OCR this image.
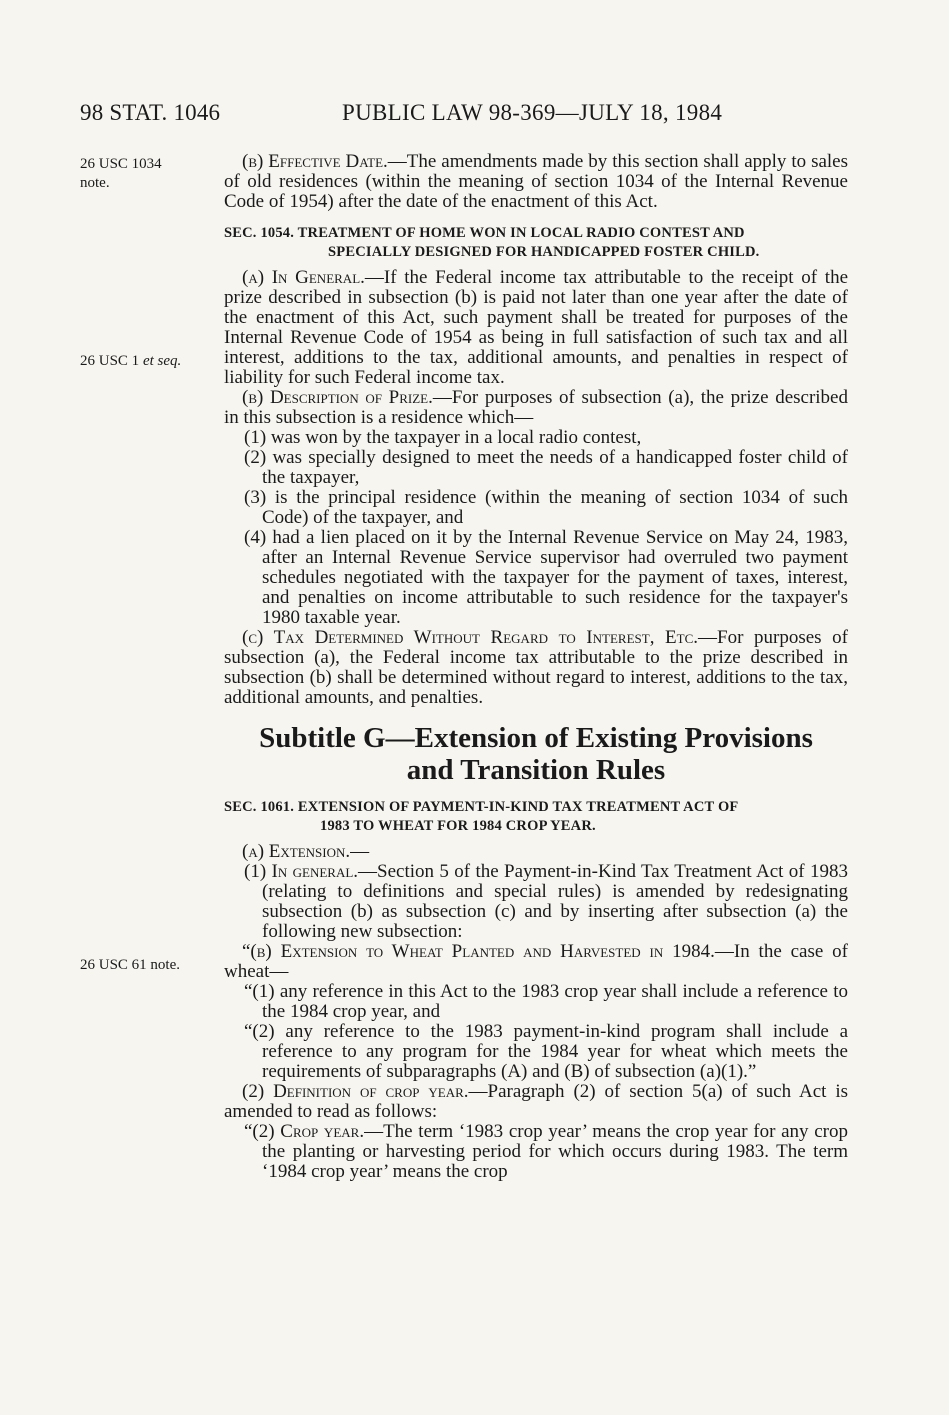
98 STAT. 1046	PUBLIC LAW 98-369—JULY 18, 1984
26 USC 1034
note.
26 USC 1 et seq.
26 USC 61 note.

(b) Effective Date.—The amendments made by this section shall apply to sales of old residences (within the meaning of section 1034 of the Internal Revenue Code of 1954) after the date of the enactment of this Act.

SEC. 1054. TREATMENT OF HOME WON IN LOCAL RADIO CONTEST AND
SPECIALLY DESIGNED FOR HANDICAPPED FOSTER CHILD.

(a) In General.—If the Federal income tax attributable to the receipt of the prize described in subsection (b) is paid not later than one year after the date of the enactment of this Act, such payment shall be treated for purposes of the Internal Revenue Code of 1954 as being in full satisfaction of such tax and all interest, additions to the tax, additional amounts, and penalties in respect of liability for such Federal income tax.

(b) Description of Prize.—For purposes of subsection (a), the prize described in this subsection is a residence which—

(1) was won by the taxpayer in a local radio contest,

(2) was specially designed to meet the needs of a handicapped foster child of the taxpayer,

(3) is the principal residence (within the meaning of section 1034 of such Code) of the taxpayer, and

(4) had a lien placed on it by the Internal Revenue Service on May 24, 1983, after an Internal Revenue Service supervisor had overruled two payment schedules negotiated with the taxpayer for the payment of taxes, interest, and penalties on income attributable to such residence for the taxpayer's 1980 taxable year.

(c) Tax Determined Without Regard to Interest, Etc.—For purposes of subsection (a), the Federal income tax attributable to the prize described in subsection (b) shall be determined without regard to interest, additions to the tax, additional amounts, and penalties.

Subtitle G—Extension of Existing Provisions
and Transition Rules
SEC. 1061. EXTENSION OF PAYMENT-IN-KIND TAX TREATMENT ACT OF
1983 TO WHEAT FOR 1984 CROP YEAR.

(a) Extension.—

(1) In general.—Section 5 of the Payment-in-Kind Tax Treatment Act of 1983 (relating to definitions and special rules) is amended by redesignating subsection (b) as subsection (c) and by inserting after subsection (a) the following new subsection:

“(b) Extension to Wheat Planted and Harvested in 1984.—In the case of wheat—

“(1) any reference in this Act to the 1983 crop year shall include a reference to the 1984 crop year, and

“(2) any reference to the 1983 payment-in-kind program shall include a reference to any program for the 1984 year for wheat which meets the requirements of subparagraphs (A) and (B) of subsection (a)(1).”

(2) Definition of crop year.—Paragraph (2) of section 5(a) of such Act is amended to read as follows:

“(2) Crop year.—The term ‘1983 crop year’ means the crop year for any crop the planting or harvesting period for which occurs during 1983. The term ‘1984 crop year’ means the crop
